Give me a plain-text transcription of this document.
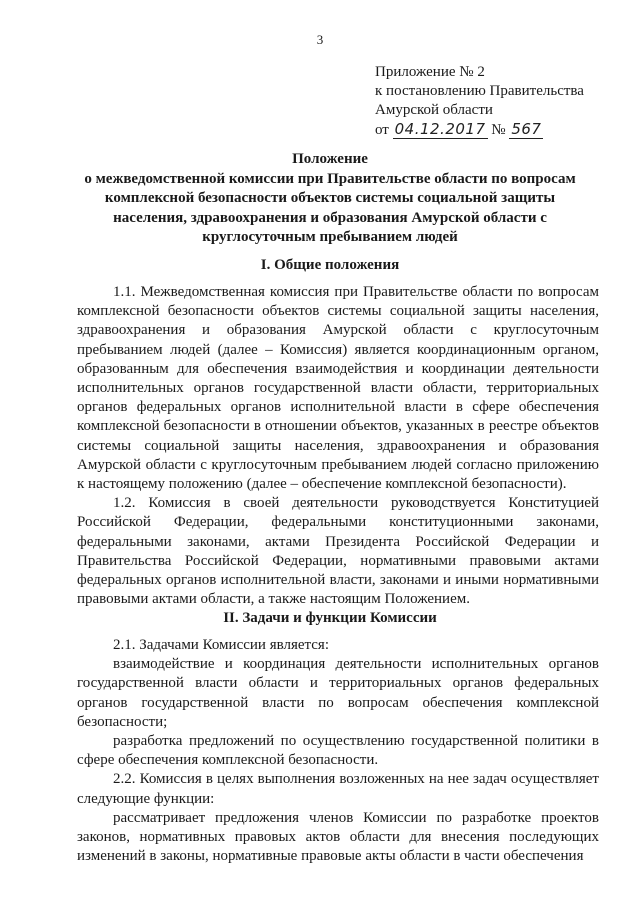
3
Приложение № 2
к постановлению Правительства
Амурской области
от 04.12.2017 № 567
Положение
о межведомственной комиссии при Правительстве области по вопросам
комплексной безопасности объектов системы социальной защиты
населения, здравоохранения и образования Амурской области с
круглосуточным пребыванием людей
I. Общие положения

1.1. Межведомственная комиссия при Правительстве области по вопросам комплексной безопасности объектов системы социальной защиты населения, здравоохранения и образования Амурской области с круглосуточным пребыванием людей (далее – Комиссия) является координационным органом, образованным для обеспечения взаимодействия и координации деятельности исполнительных органов государственной власти области, территориальных органов федеральных органов исполнительной власти в сфере обеспечения комплексной безопасности в отношении объектов, указанных в реестре объектов системы социальной защиты населения, здравоохранения и образования Амурской области с круглосуточным пребыванием людей согласно приложению к настоящему положению (далее – обеспечение комплексной безопасности).

1.2. Комиссия в своей деятельности руководствуется Конституцией Российской Федерации, федеральными конституционными законами, федеральными законами, актами Президента Российской Федерации и Правительства Российской Федерации, нормативными правовыми актами федеральных органов исполнительной власти, законами и иными нормативными правовыми актами области, а также настоящим Положением.

II. Задачи и функции Комиссии

2.1. Задачами Комиссии является:

взаимодействие и координация деятельности исполнительных органов государственной власти области и территориальных органов федеральных органов государственной власти по вопросам обеспечения комплексной безопасности;

разработка предложений по осуществлению государственной политики в сфере обеспечения комплексной безопасности.

2.2. Комиссия в целях выполнения возложенных на нее задач осуществляет следующие функции:

рассматривает предложения членов Комиссии по разработке проектов законов, нормативных правовых актов области для внесения последующих изменений в законы, нормативные правовые акты области в части обеспечения
